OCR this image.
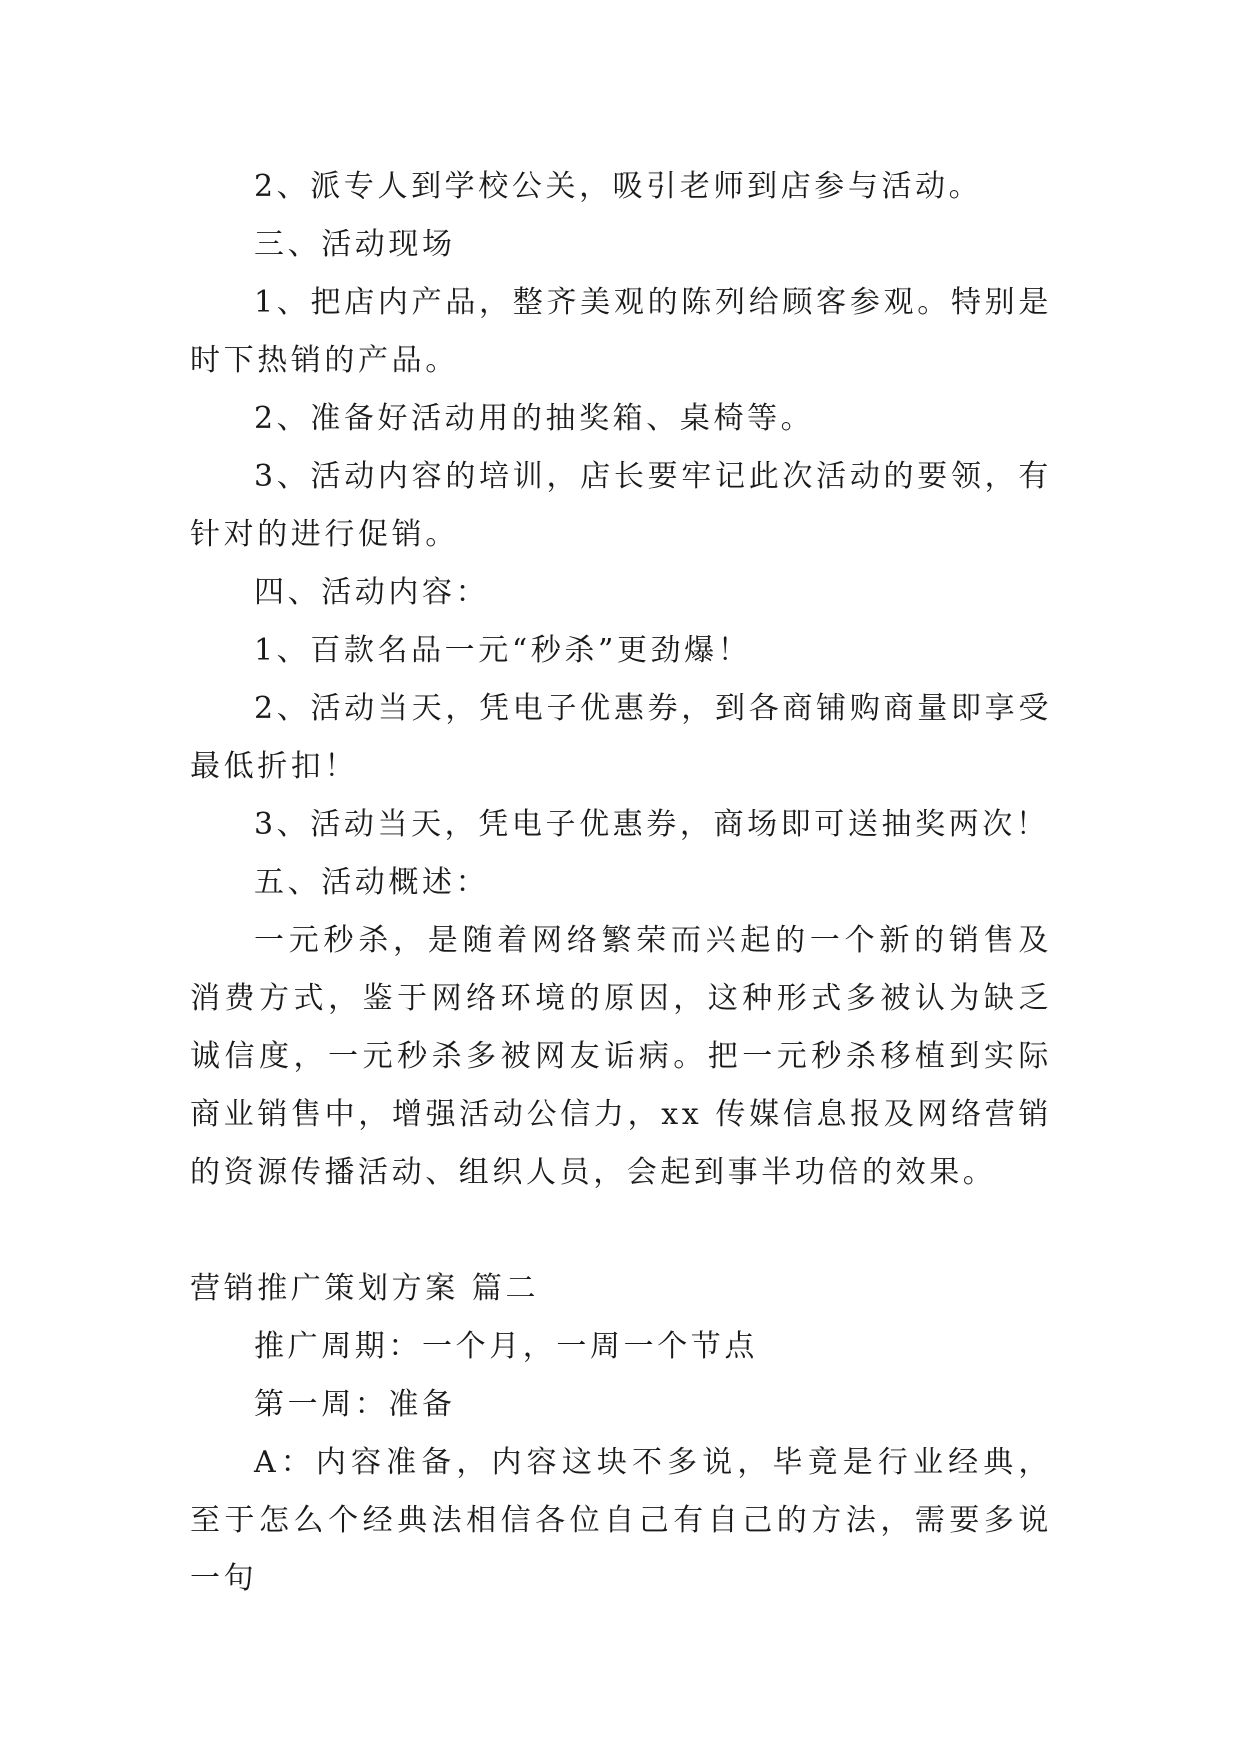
2、派专人到学校公关，吸引老师到店参与活动。

三、活动现场

1、把店内产品，整齐美观的陈列给顾客参观。特别是时下热销的产品。

2、准备好活动用的抽奖箱、桌椅等。

3、活动内容的培训，店长要牢记此次活动的要领，有针对的进行促销。

四、活动内容：

1、百款名品一元“秒杀”更劲爆！

2、活动当天，凭电子优惠券，到各商铺购商量即享受最低折扣！

3、活动当天，凭电子优惠券，商场即可送抽奖两次！

五、活动概述：

一元秒杀，是随着网络繁荣而兴起的一个新的销售及消费方式，鉴于网络环境的原因，这种形式多被认为缺乏诚信度，一元秒杀多被网友诟病。把一元秒杀移植到实际商业销售中，增强活动公信力，xx 传媒信息报及网络营销的资源传播活动、组织人员，会起到事半功倍的效果。

营销推广策划方案 篇二

推广周期：一个月，一周一个节点

第一周：准备

A：内容准备，内容这块不多说，毕竟是行业经典，至于怎么个经典法相信各位自己有自己的方法，需要多说一句
